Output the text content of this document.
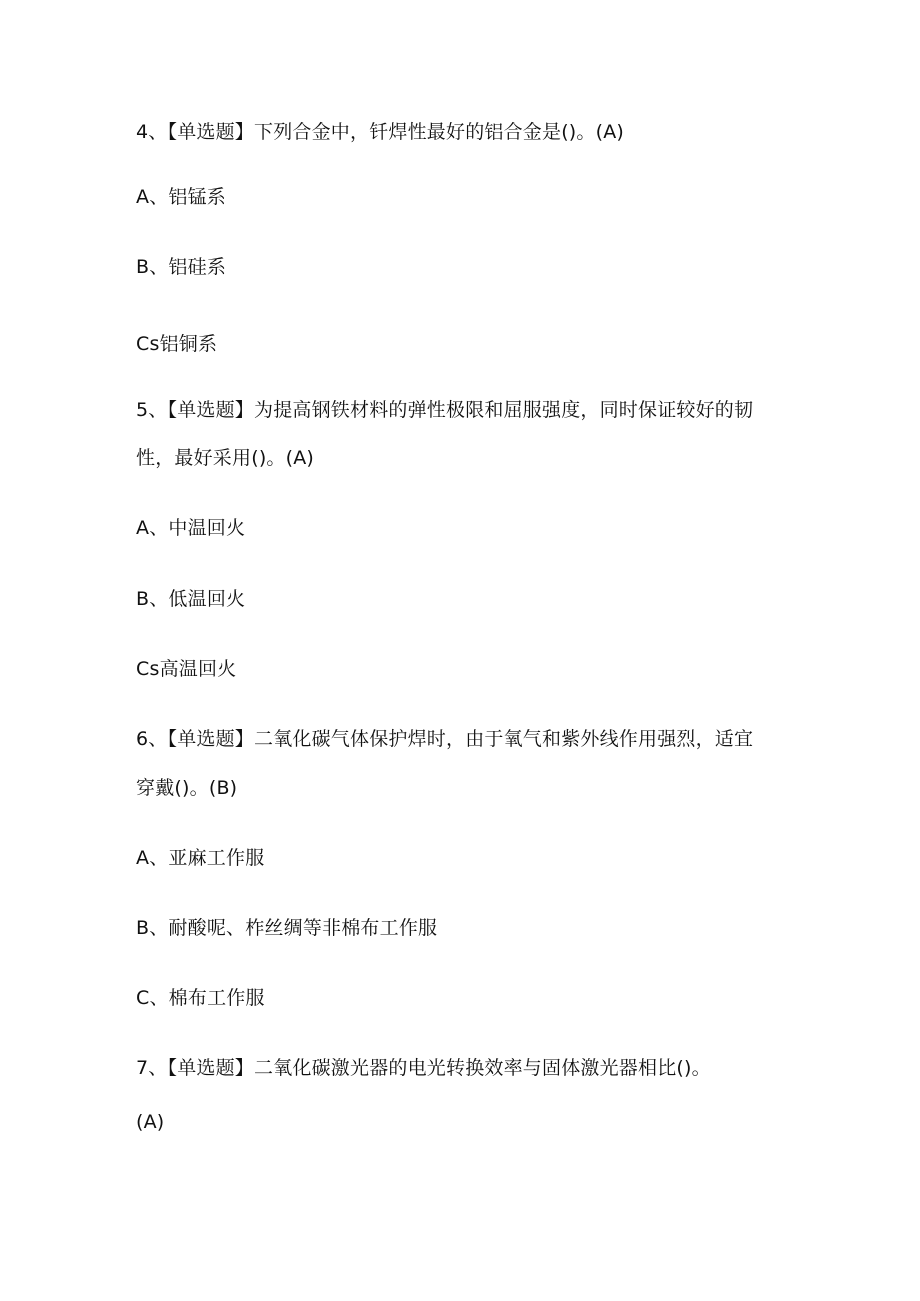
4、【单选题】下列合金中，钎焊性最好的铝合金是()。(A)
A、铝锰系
B、铝硅系
Cs铝铜系
5、【单选题】为提高钢铁材料的弹性极限和屈服强度，同时保证较好的韧
性，最好采用()。(A)
A、中温回火
B、低温回火
Cs高温回火
6、【单选题】二氧化碳气体保护焊时，由于氧气和紫外线作用强烈，适宜
穿戴()。(B)
A、亚麻工作服
B、耐酸呢、柞丝绸等非棉布工作服
C、棉布工作服
7、【单选题】二氧化碳激光器的电光转换效率与固体激光器相比()。
(A)
